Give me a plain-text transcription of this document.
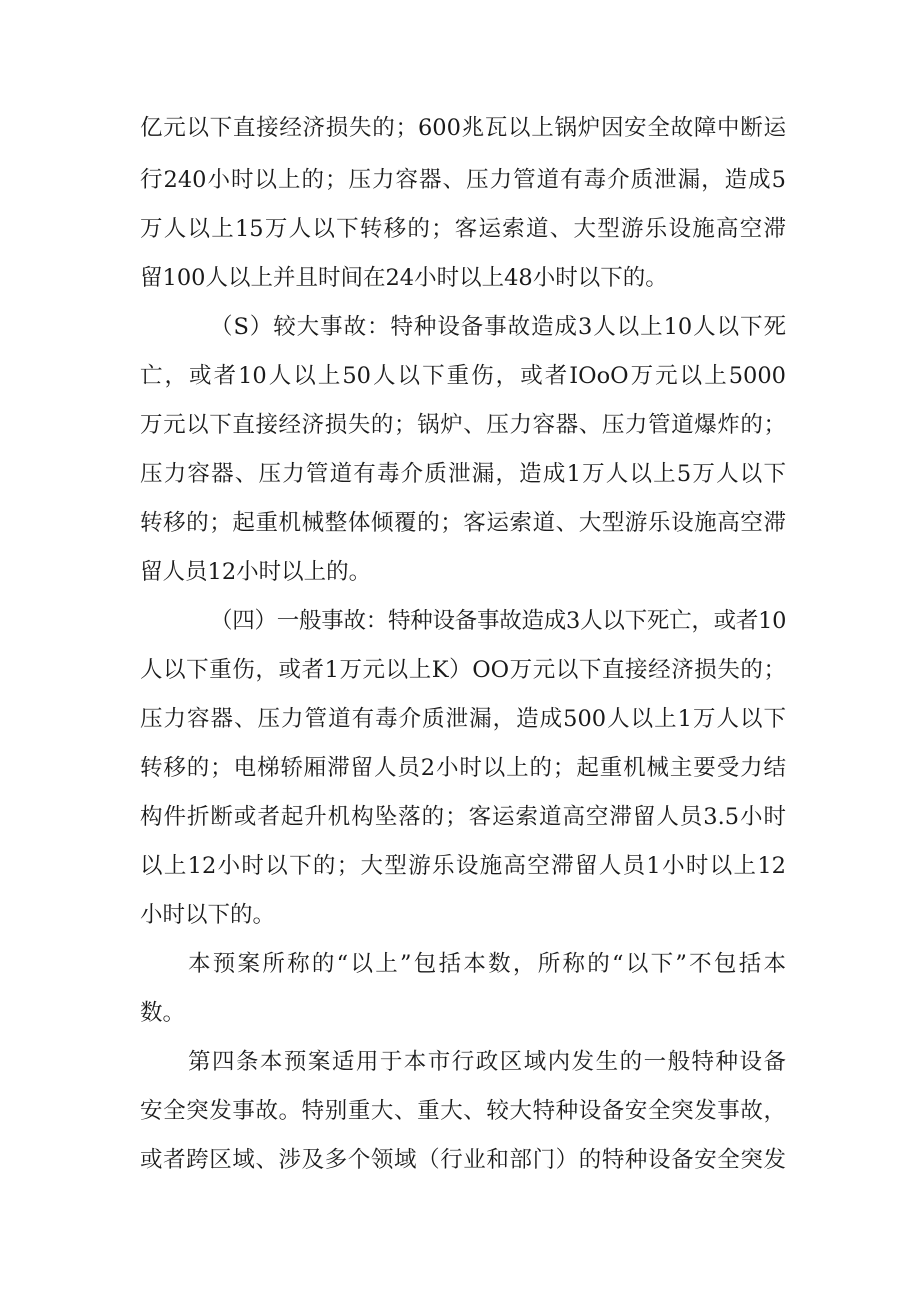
亿元以下直接经济损失的；600兆瓦以上锅炉因安全故障中断运
行240小时以上的；压力容器、压力管道有毒介质泄漏，造成5
万人以上15万人以下转移的；客运索道、大型游乐设施高空滞
留100人以上并且时间在24小时以上48小时以下的。
（S）较大事故：特种设备事故造成3人以上10人以下死
亡，或者10人以上50人以下重伤，或者IOoO万元以上5000
万元以下直接经济损失的；锅炉、压力容器、压力管道爆炸的；
压力容器、压力管道有毒介质泄漏，造成1万人以上5万人以下
转移的；起重机械整体倾覆的；客运索道、大型游乐设施高空滞
留人员12小时以上的。
（四）一般事故：特种设备事故造成3人以下死亡，或者10
人以下重伤，或者1万元以上K）OO万元以下直接经济损失的；
压力容器、压力管道有毒介质泄漏，造成500人以上1万人以下
转移的；电梯轿厢滞留人员2小时以上的；起重机械主要受力结
构件折断或者起升机构坠落的；客运索道高空滞留人员3.5小时
以上12小时以下的；大型游乐设施高空滞留人员1小时以上12
小时以下的。
本预案所称的“以上”包括本数，所称的“以下”不包括本
数。
第四条本预案适用于本市行政区域内发生的一般特种设备
安全突发事故。特别重大、重大、较大特种设备安全突发事故，
或者跨区域、涉及多个领域（行业和部门）的特种设备安全突发
